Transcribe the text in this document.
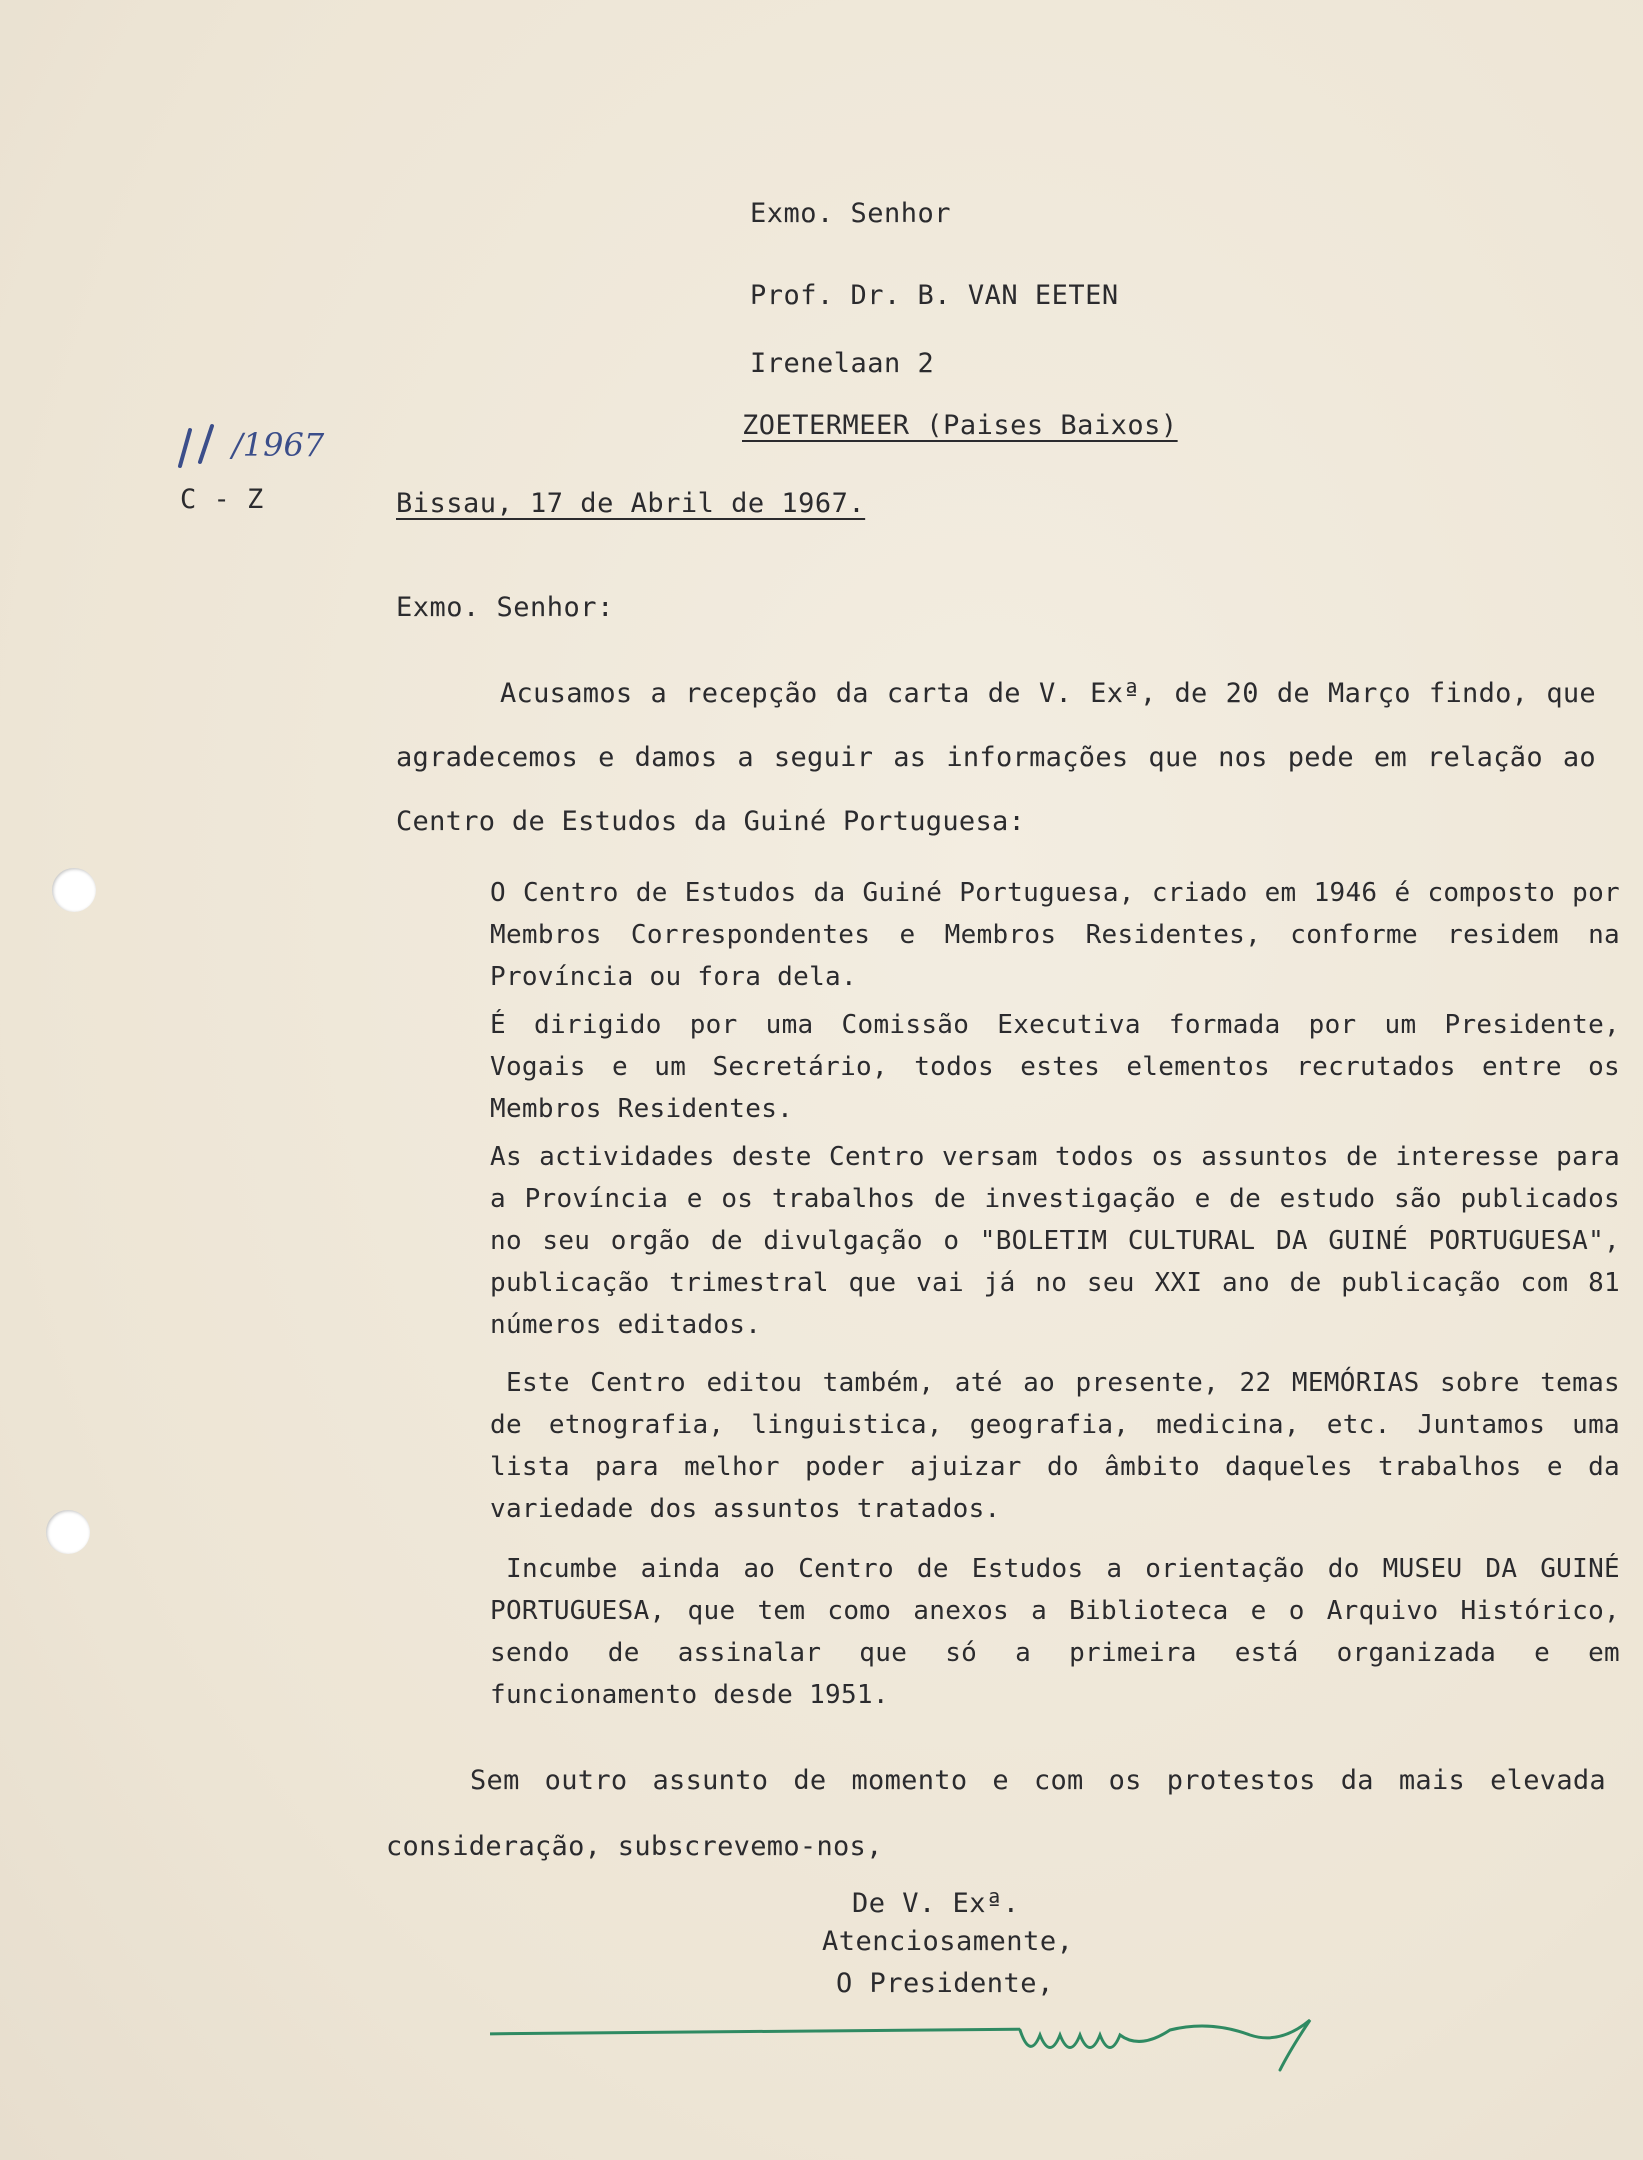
Exmo. Senhor
Prof. Dr. B. VAN EETEN
Irenelaan 2
ZOETERMEER (Paises Baixos)
/1967
C - Z	Bissau, 17 de Abril de 1967.
Exmo. Senhor:
Acusamos a recepção da carta de V. Exª, de 20 de Março findo, que agradecemos e damos a seguir as informações que nos pede em relação ao Centro de Estudos da Guiné Portuguesa:
O Centro de Estudos da Guiné Portuguesa, criado em 1946 é composto por Membros Correspondentes e Membros Residentes, conforme residem na Província ou fora dela.
É dirigido por uma Comissão Executiva formada por um Presidente, Vogais e um Secretário, todos estes elementos recrutados entre os Membros Residentes.
As actividades deste Centro versam todos os assuntos de interesse para a Província e os trabalhos de investigação e de estudo são publicados no seu orgão de divulgação o "BOLETIM CULTURAL DA GUINÉ PORTUGUESA", publicação trimestral que vai já no seu XXI ano de publicação com 81 números editados.
Este Centro editou também, até ao presente, 22 MEMÓRIAS sobre temas de etnografia, linguistica, geografia, medicina, etc. Juntamos uma lista para melhor poder ajuizar do âmbito daqueles trabalhos e da variedade dos assuntos tratados.
Incumbe ainda ao Centro de Estudos a orientação do MUSEU DA GUINÉ PORTUGUESA, que tem como anexos a Biblioteca e o Arquivo Histórico, sendo de assinalar que só a primeira está organizada e em funcionamento desde 1951.
Sem outro assunto de momento e com os protestos da mais elevada consideração, subscrevemo-nos,
De V. Exª.
Atenciosamente,
O Presidente,
